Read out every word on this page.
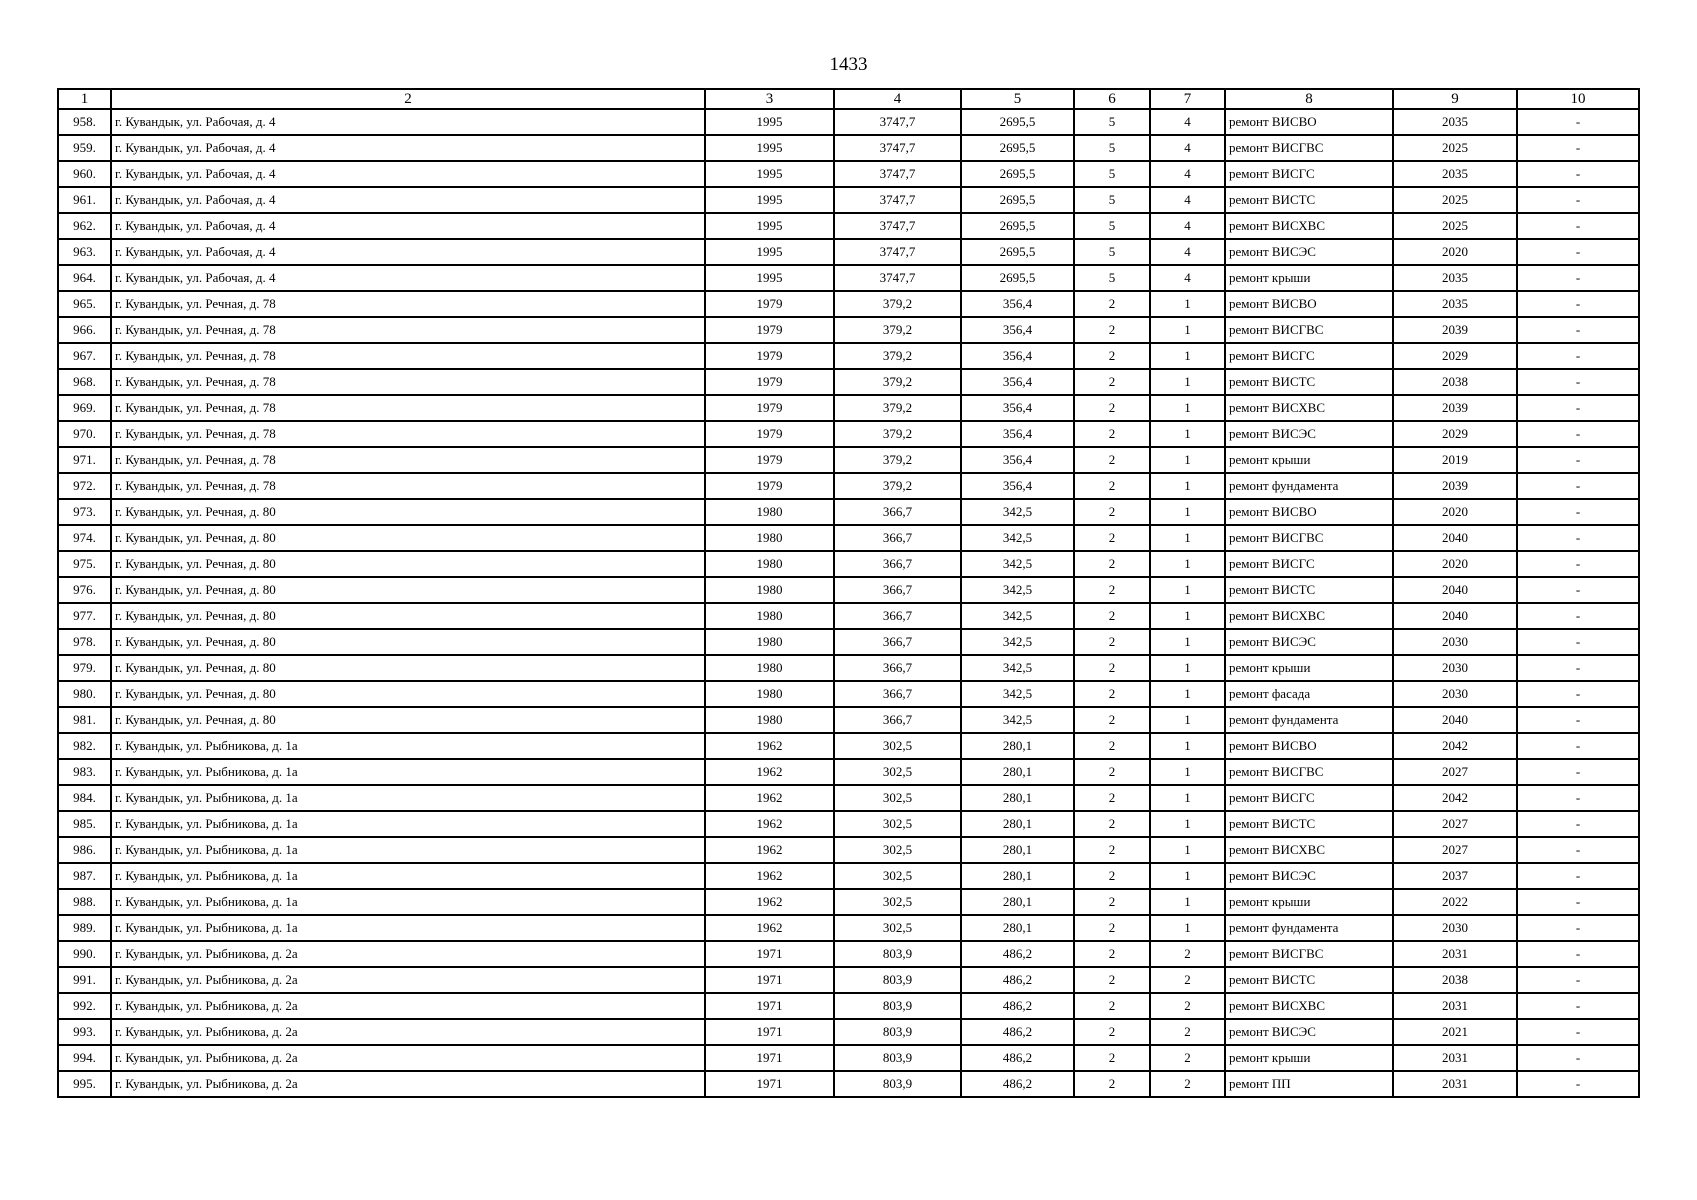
1433
1	2	3	4	5	6	7	8	9	10
958.	г. Кувандык, ул. Рабочая, д. 4	1995	3747,7	2695,5	5	4	ремонт ВИСВО	2035	-
959.	г. Кувандык, ул. Рабочая, д. 4	1995	3747,7	2695,5	5	4	ремонт ВИСГВС	2025	-
960.	г. Кувандык, ул. Рабочая, д. 4	1995	3747,7	2695,5	5	4	ремонт ВИСГС	2035	-
961.	г. Кувандык, ул. Рабочая, д. 4	1995	3747,7	2695,5	5	4	ремонт ВИСТС	2025	-
962.	г. Кувандык, ул. Рабочая, д. 4	1995	3747,7	2695,5	5	4	ремонт ВИСХВС	2025	-
963.	г. Кувандык, ул. Рабочая, д. 4	1995	3747,7	2695,5	5	4	ремонт ВИСЭС	2020	-
964.	г. Кувандык, ул. Рабочая, д. 4	1995	3747,7	2695,5	5	4	ремонт крыши	2035	-
965.	г. Кувандык, ул. Речная, д. 78	1979	379,2	356,4	2	1	ремонт ВИСВО	2035	-
966.	г. Кувандык, ул. Речная, д. 78	1979	379,2	356,4	2	1	ремонт ВИСГВС	2039	-
967.	г. Кувандык, ул. Речная, д. 78	1979	379,2	356,4	2	1	ремонт ВИСГС	2029	-
968.	г. Кувандык, ул. Речная, д. 78	1979	379,2	356,4	2	1	ремонт ВИСТС	2038	-
969.	г. Кувандык, ул. Речная, д. 78	1979	379,2	356,4	2	1	ремонт ВИСХВС	2039	-
970.	г. Кувандык, ул. Речная, д. 78	1979	379,2	356,4	2	1	ремонт ВИСЭС	2029	-
971.	г. Кувандык, ул. Речная, д. 78	1979	379,2	356,4	2	1	ремонт крыши	2019	-
972.	г. Кувандык, ул. Речная, д. 78	1979	379,2	356,4	2	1	ремонт фундамента	2039	-
973.	г. Кувандык, ул. Речная, д. 80	1980	366,7	342,5	2	1	ремонт ВИСВО	2020	-
974.	г. Кувандык, ул. Речная, д. 80	1980	366,7	342,5	2	1	ремонт ВИСГВС	2040	-
975.	г. Кувандык, ул. Речная, д. 80	1980	366,7	342,5	2	1	ремонт ВИСГС	2020	-
976.	г. Кувандык, ул. Речная, д. 80	1980	366,7	342,5	2	1	ремонт ВИСТС	2040	-
977.	г. Кувандык, ул. Речная, д. 80	1980	366,7	342,5	2	1	ремонт ВИСХВС	2040	-
978.	г. Кувандык, ул. Речная, д. 80	1980	366,7	342,5	2	1	ремонт ВИСЭС	2030	-
979.	г. Кувандык, ул. Речная, д. 80	1980	366,7	342,5	2	1	ремонт крыши	2030	-
980.	г. Кувандык, ул. Речная, д. 80	1980	366,7	342,5	2	1	ремонт фасада	2030	-
981.	г. Кувандык, ул. Речная, д. 80	1980	366,7	342,5	2	1	ремонт фундамента	2040	-
982.	г. Кувандык, ул. Рыбникова, д. 1а	1962	302,5	280,1	2	1	ремонт ВИСВО	2042	-
983.	г. Кувандык, ул. Рыбникова, д. 1а	1962	302,5	280,1	2	1	ремонт ВИСГВС	2027	-
984.	г. Кувандык, ул. Рыбникова, д. 1а	1962	302,5	280,1	2	1	ремонт ВИСГС	2042	-
985.	г. Кувандык, ул. Рыбникова, д. 1а	1962	302,5	280,1	2	1	ремонт ВИСТС	2027	-
986.	г. Кувандык, ул. Рыбникова, д. 1а	1962	302,5	280,1	2	1	ремонт ВИСХВС	2027	-
987.	г. Кувандык, ул. Рыбникова, д. 1а	1962	302,5	280,1	2	1	ремонт ВИСЭС	2037	-
988.	г. Кувандык, ул. Рыбникова, д. 1а	1962	302,5	280,1	2	1	ремонт крыши	2022	-
989.	г. Кувандык, ул. Рыбникова, д. 1а	1962	302,5	280,1	2	1	ремонт фундамента	2030	-
990.	г. Кувандык, ул. Рыбникова, д. 2а	1971	803,9	486,2	2	2	ремонт ВИСГВС	2031	-
991.	г. Кувандык, ул. Рыбникова, д. 2а	1971	803,9	486,2	2	2	ремонт ВИСТС	2038	-
992.	г. Кувандык, ул. Рыбникова, д. 2а	1971	803,9	486,2	2	2	ремонт ВИСХВС	2031	-
993.	г. Кувандык, ул. Рыбникова, д. 2а	1971	803,9	486,2	2	2	ремонт ВИСЭС	2021	-
994.	г. Кувандык, ул. Рыбникова, д. 2а	1971	803,9	486,2	2	2	ремонт крыши	2031	-
995.	г. Кувандык, ул. Рыбникова, д. 2а	1971	803,9	486,2	2	2	ремонт ПП	2031	-
